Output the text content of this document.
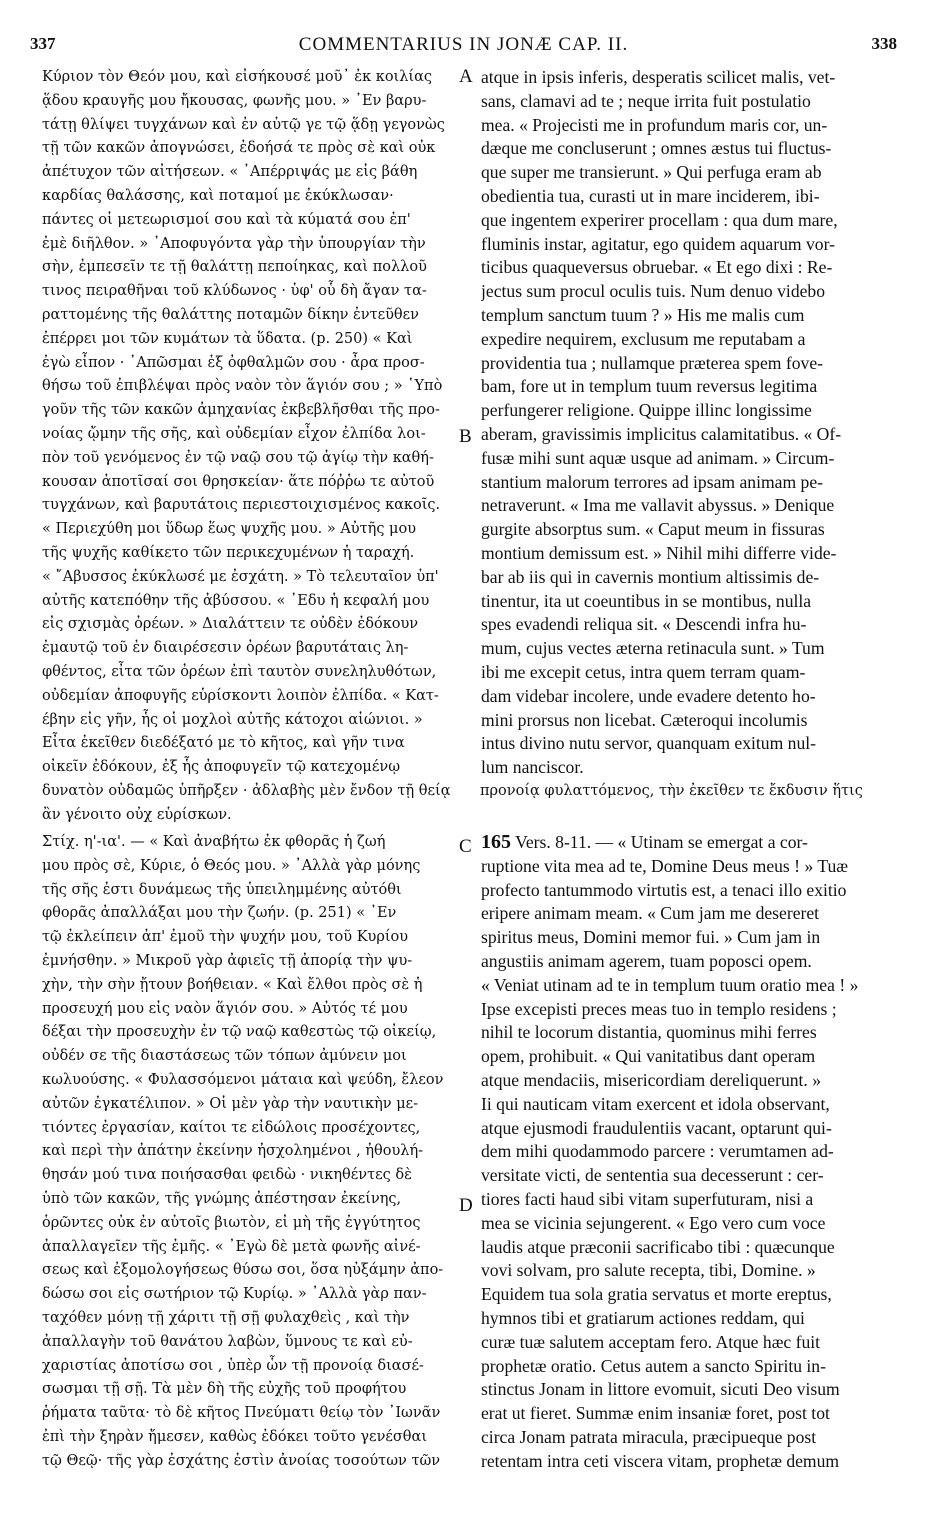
337	COMMENTARIUS IN JONÆ CAP. II.	338
A
B
C
D
Κύριον τὸν Θεόν μου, καὶ εἰσήκουσέ μοῦ᾿ ἐκ κοιλίας
ᾅδου κραυγῆς μου ἤκουσας, φωνῆς μου. » ᾿Εν βαρυ-
τάτῃ θλίψει τυγχάνων καὶ ἐν αὐτῷ γε τῷ ᾅδῃ γεγονὼς
τῇ τῶν κακῶν ἀπογνώσει, ἐδοήσά τε πρὸς σὲ καὶ οὐκ
ἀπέτυχον τῶν αἰτήσεων. « ᾿Απέρριψάς με εἰς βάθη
καρδίας θαλάσσης, καὶ ποταμοί με ἐκύκλωσαν·
πάντες οἱ μετεωρισμοί σου καὶ τὰ κύματά σου ἐπ'
ἐμὲ διῆλθον. » ᾿Αποφυγόντα γὰρ τὴν ὑπουργίαν τὴν
σὴν, ἐμπεσεῖν τε τῇ θαλάττῃ πεποίηκας, καὶ πολλοῦ
τινος πειραθῆναι τοῦ κλύδωνος · ὑφ' οὗ δὴ ἄγαν τα-
ραττομένης τῆς θαλάττης ποταμῶν δίκην ἐντεῦθεν
ἐπέρρει μοι τῶν κυμάτων τὰ ὕδατα. (p. 250) « Καὶ
ἐγὼ εἶπον · ᾿Απῶσμαι ἐξ ὀφθαλμῶν σου · ἆρα προσ-
θήσω τοῦ ἐπιβλέψαι πρὸς ναὸν τὸν ἅγιόν σου ; » ῾Υπὸ
γοῦν τῆς τῶν κακῶν ἀμηχανίας ἐκβεβλῆσθαι τῆς προ-
νοίας ᾤμην τῆς σῆς, καὶ οὐδεμίαν εἶχον ἐλπίδα λοι-
πὸν τοῦ γενόμενος ἐν τῷ ναῷ σου τῷ ἁγίῳ τὴν καθή-
κουσαν ἀποτῖσαί σοι θρησκείαν· ἅτε πόῤῥω τε αὐτοῦ
τυγχάνων, καὶ βαρυτάτοις περιεστοιχισμένος κακοῖς.
« Περιεχύθη μοι ὕδωρ ἕως ψυχῆς μου. » Αὐτῆς μου
τῆς ψυχῆς καθίκετο τῶν περικεχυμένων ἡ ταραχή.
« ῎Αβυσσος ἐκύκλωσέ με ἐσχάτη. » Τὸ τελευταῖον ὑπ'
αὐτῆς κατεπόθην τῆς ἀβύσσου. « ᾿Εδυ ἡ κεφαλή μου
εἰς σχισμὰς ὀρέων. » Διαλάττειν τε οὐδὲν ἐδόκουν
ἐμαυτῷ τοῦ ἐν διαιρέσεσιν ὀρέων βαρυτάταις λη-
φθέντος, εἶτα τῶν ὀρέων ἐπὶ ταυτὸν συνεληλυθότων,
οὐδεμίαν ἀποφυγῆς εὑρίσκοντι λοιπὸν ἐλπίδα. « Κατ-
έβην εἰς γῆν, ἧς οἱ μοχλοὶ αὐτῆς κάτοχοι αἰώνιοι. »
Εἶτα ἐκεῖθεν διεδέξατό με τὸ κῆτος, καὶ γῆν τινα
οἰκεῖν ἐδόκουν, ἐξ ἧς ἀποφυγεῖν τῷ κατεχομένῳ
atque in ipsis inferis, desperatis scilicet malis, vet-
sans, clamavi ad te ; neque irrita fuit postulatio
mea. « Projecisti me in profundum maris cor, un-
dæque me concluserunt ; omnes æstus tui fluctus-
que super me transierunt. » Qui perfuga eram ab
obedientia tua, curasti ut in mare inciderem, ibi-
que ingentem experirer procellam : qua dum mare,
fluminis instar, agitatur, ego quidem aquarum vor-
ticibus quaqueversus obruebar. « Et ego dixi : Re-
jectus sum procul oculis tuis. Num denuo videbo
templum sanctum tuum ? » His me malis cum
expedire nequirem, exclusum me reputabam a
providentia tua ; nullamque præterea spem fove-
bam, fore ut in templum tuum reversus legitima
perfungerer religione. Quippe illinc longissime
aberam, gravissimis implicitus calamitatibus. « Of-
fusæ mihi sunt aquæ usque ad animam. » Circum-
stantium malorum terrores ad ipsam animam pe-
netraverunt. « Ima me vallavit abyssus. » Denique
gurgite absorptus sum. « Caput meum in fissuras
montium demissum est. » Nihil mihi differre vide-
bar ab iis qui in cavernis montium altissimis de-
tinentur, ita ut coeuntibus in se montibus, nulla
spes evadendi reliqua sit. « Descendi infra hu-
mum, cujus vectes æterna retinacula sunt. » Tum
ibi me excepit cetus, intra quem terram quam-
dam videbar incolere, unde evadere detento ho-
mini prorsus non licebat. Cæteroqui incolumis
intus divino nutu servor, quanquam exitum nul-
lum nanciscor.
δυνατὸν οὐδαμῶς ὑπῆρξεν · ἀδλαβὴς μὲν ἔνδον τῇ θείᾳ προνοίᾳ φυλαττόμενος, τὴν ἐκεῖθεν τε ἔκδυσιν ἥτις
ἂν γένοιτο οὐχ εὑρίσκων.
Στίχ. η'-ια'. — « Καὶ ἀναβήτω ἐκ φθορᾶς ἡ ζωή
μου πρὸς σὲ, Κύριε, ὁ Θεός μου. » ᾿Αλλὰ γὰρ μόνης
τῆς σῆς ἐστι δυνάμεως τῆς ὑπειλημμένης αὐτόθι
φθορᾶς ἀπαλλάξαι μου τὴν ζωήν. (p. 251) « ᾿Εν
τῷ ἐκλείπειν ἀπ' ἐμοῦ τὴν ψυχήν μου, τοῦ Κυρίου
ἐμνήσθην. » Μικροῦ γὰρ ἀφιεῖς τῇ ἀπορίᾳ τὴν ψυ-
χὴν, τὴν σὴν ᾔτουν βοήθειαν. « Καὶ ἔλθοι πρὸς σὲ ἡ
προσευχή μου εἰς ναὸν ἅγιόν σου. » Αὐτός τέ μου
δέξαι τὴν προσευχὴν ἐν τῷ ναῷ καθεστὼς τῷ οἰκείῳ,
οὐδέν σε τῆς διαστάσεως τῶν τόπων ἀμύνειν μοι
κωλυούσης. « Φυλασσόμενοι μάταια καὶ ψεύδη, ἔλεον
αὐτῶν ἐγκατέλιπον. » Οἱ μὲν γὰρ τὴν ναυτικὴν με-
τιόντες ἐργασίαν, καίτοι τε εἰδώλοις προσέχοντες,
καὶ περὶ τὴν ἀπάτην ἐκείνην ἠσχολημένοι , ἠθουλή-
θησάν μού τινα ποιήσασθαι φειδὼ · νικηθέντες δὲ
ὑπὸ τῶν κακῶν, τῆς γνώμης ἀπέστησαν ἐκείνης,
ὁρῶντες οὐκ ἐν αὐτοῖς βιωτὸν, εἰ μὴ τῆς ἐγγύτητος
ἀπαλλαγεῖεν τῆς ἐμῆς. « ᾿Εγὼ δὲ μετὰ φωνῆς αἰνέ-
σεως καὶ ἐξομολογήσεως θύσω σοι, ὅσα ηὐξάμην ἀπο-
δώσω σοι εἰς σωτήριον τῷ Κυρίῳ. » ᾿Αλλὰ γὰρ παν-
ταχόθεν μόνῃ τῇ χάριτι τῇ σῇ φυλαχθεὶς , καὶ τὴν
ἀπαλλαγὴν τοῦ θανάτου λαβὼν, ὕμνους τε καὶ εὐ-
χαριστίας ἀποτίσω σοι , ὑπὲρ ὧν τῇ προνοίᾳ διασέ-
σωσμαι τῇ σῇ. Τὰ μὲν δὴ τῆς εὐχῆς τοῦ προφήτου
ῥήματα ταῦτα· τὸ δὲ κῆτος Πνεύματι θείῳ τὸν ᾿Ιωνᾶν
ἐπὶ τὴν ξηρὰν ἤμεσεν, καθὼς ἐδόκει τοῦτο γενέσθαι
τῷ Θεῷ· τῆς γὰρ ἐσχάτης ἐστὶν ἀνοίας τοσούτων τῶν
165 Vers. 8-11. — « Utinam se emergat a cor-
ruptione vita mea ad te, Domine Deus meus ! » Tuæ
profecto tantummodo virtutis est, a tenaci illo exitio
eripere animam meam. « Cum jam me desereret
spiritus meus, Domini memor fui. » Cum jam in
angustiis animam agerem, tuam poposci opem.
« Veniat utinam ad te in templum tuum oratio mea ! »
Ipse excepisti preces meas tuo in templo residens ;
nihil te locorum distantia, quominus mihi ferres
opem, prohibuit. « Qui vanitatibus dant operam
atque mendaciis, misericordiam dereliquerunt. »
Ii qui nauticam vitam exercent et idola observant,
atque ejusmodi fraudulentiis vacant, optarunt qui-
dem mihi quodammodo parcere : verumtamen ad-
versitate victi, de sententia sua decesserunt : cer-
tiores facti haud sibi vitam superfuturam, nisi a
mea se vicinia sejungerent. « Ego vero cum voce
laudis atque præconii sacrificabo tibi : quæcunque
vovi solvam, pro salute recepta, tibi, Domine. »
Equidem tua sola gratia servatus et morte ereptus,
hymnos tibi et gratiarum actiones reddam, qui
curæ tuæ salutem acceptam fero. Atque hæc fuit
prophetæ oratio. Cetus autem a sancto Spiritu in-
stinctus Jonam in littore evomuit, sicuti Deo visum
erat ut fieret. Summæ enim insaniæ foret, post tot
circa Jonam patrata miracula, præcipueque post
retentam intra ceti viscera vitam, prophetæ demum
